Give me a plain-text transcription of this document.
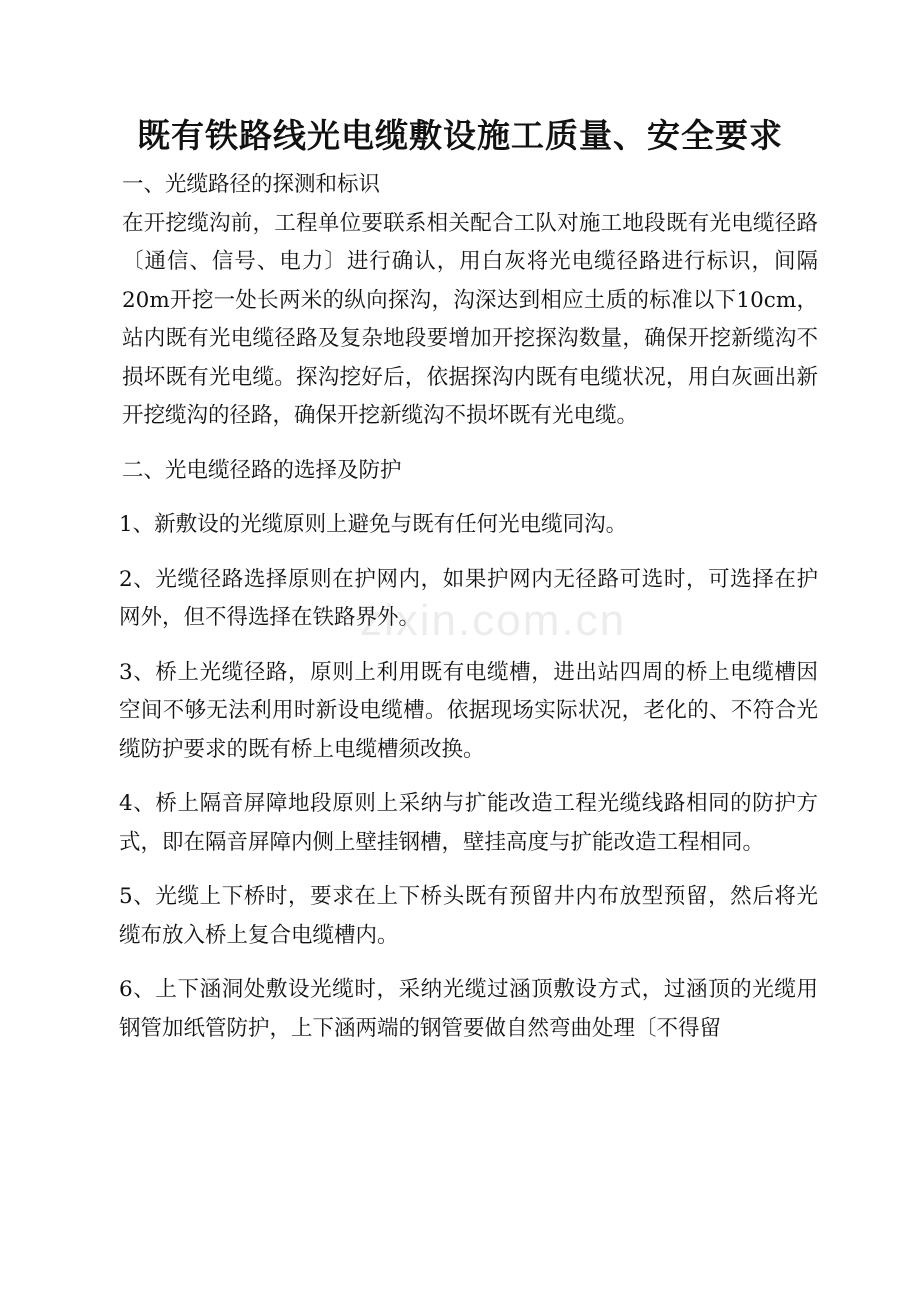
既有铁路线光电缆敷设施工质量、安全要求
zixin.com.cn

一、光缆路径的探测和标识

在开挖缆沟前，工程单位要联系相关配合工队对施工地段既有光电缆径路〔通信、信号、电力〕进行确认，用白灰将光电缆径路进行标识，间隔20m开挖一处长两米的纵向探沟，沟深达到相应土质的标准以下10cm，站内既有光电缆径路及复杂地段要增加开挖探沟数量，确保开挖新缆沟不损坏既有光电缆。探沟挖好后，依据探沟内既有电缆状况，用白灰画出新开挖缆沟的径路，确保开挖新缆沟不损坏既有光电缆。

二、光电缆径路的选择及防护

1、新敷设的光缆原则上避免与既有任何光电缆同沟。

2、光缆径路选择原则在护网内，如果护网内无径路可选时，可选择在护网外，但不得选择在铁路界外。

3、桥上光缆径路，原则上利用既有电缆槽，进出站四周的桥上电缆槽因空间不够无法利用时新设电缆槽。依据现场实际状况，老化的、不符合光缆防护要求的既有桥上电缆槽须改换。

4、桥上隔音屏障地段原则上采纳与扩能改造工程光缆线路相同的防护方式，即在隔音屏障内侧上壁挂钢槽，壁挂高度与扩能改造工程相同。

5、光缆上下桥时，要求在上下桥头既有预留井内布放型预留，然后将光缆布放入桥上复合电缆槽内。

6、上下涵洞处敷设光缆时，采纳光缆过涵顶敷设方式，过涵顶的光缆用钢管加纸管防护，上下涵两端的钢管要做自然弯曲处理〔不得留
